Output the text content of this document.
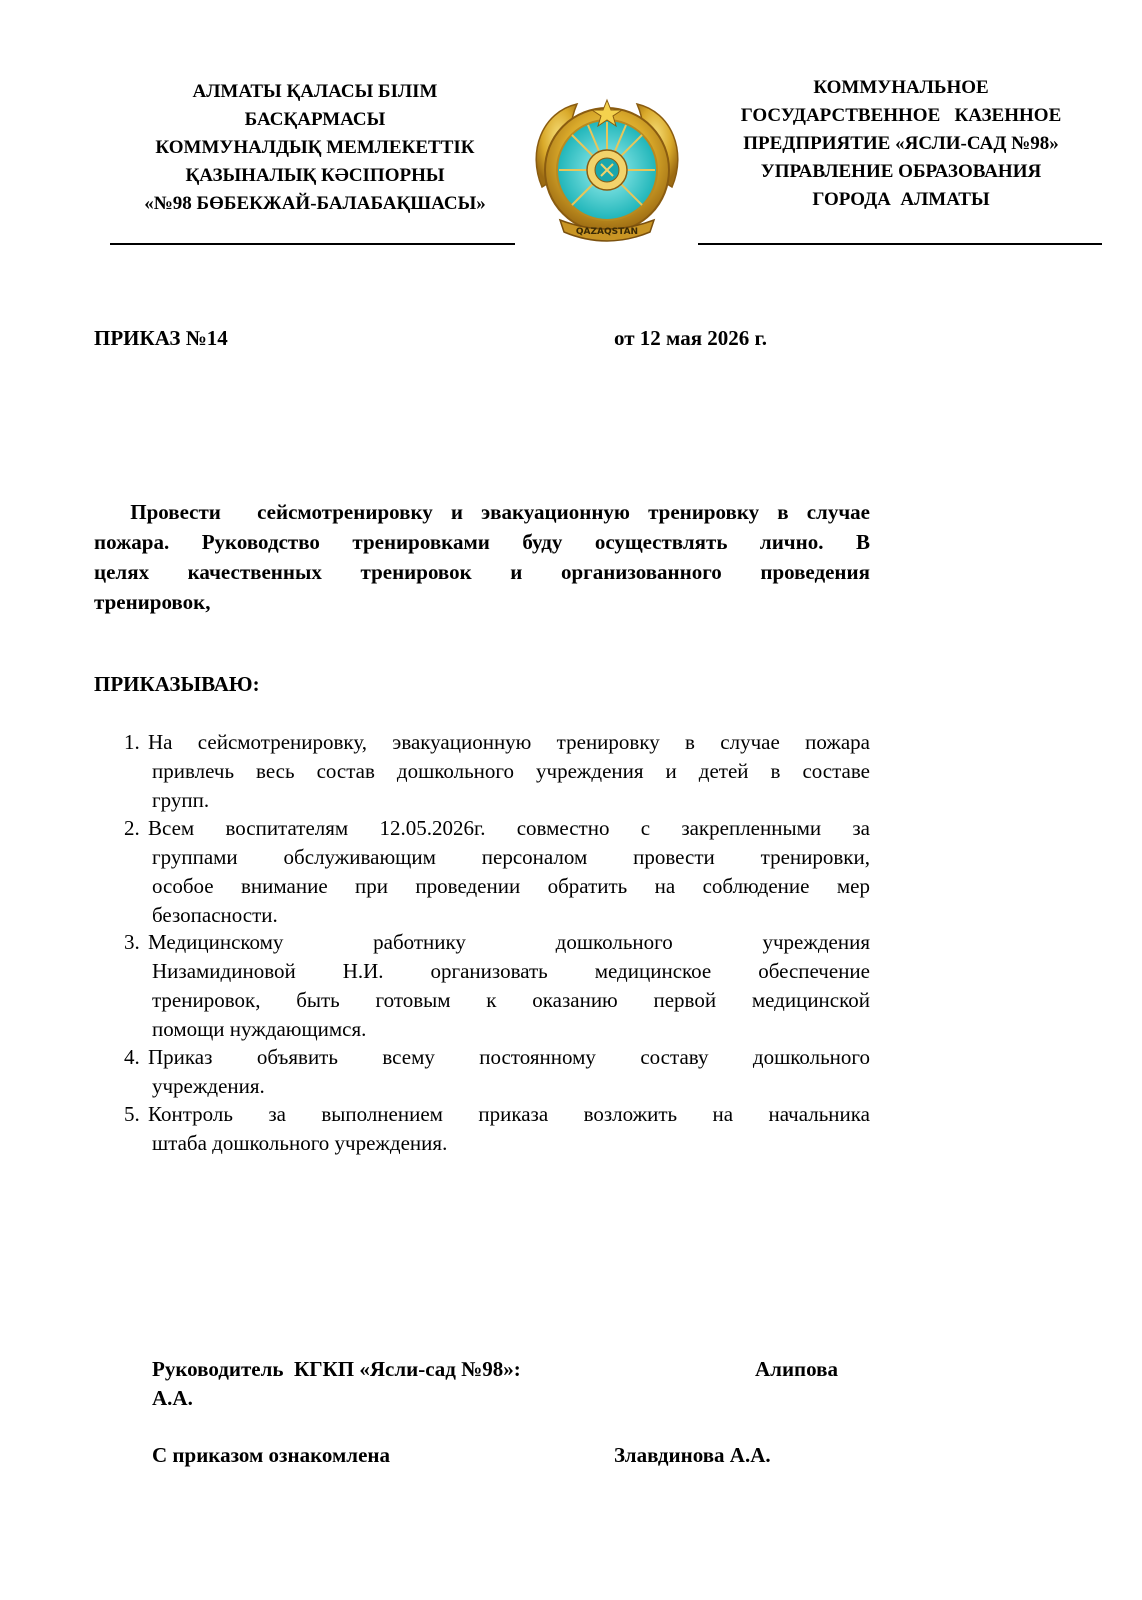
АЛМАТЫ ҚАЛАСЫ БІЛІМ
БАСҚАРМАСЫ
КОММУНАЛДЫҚ МЕМЛЕКЕТТІК
ҚАЗЫНАЛЫҚ КӘСІПОРНЫ
«№98 БӨБЕКЖАЙ-БАЛАБАҚШАСЫ»
QAZAQSTAN
КОММУНАЛЬНОЕ
ГОСУДАРСТВЕННОЕ   КАЗЕННОЕ
ПРЕДПРИЯТИЕ «ЯСЛИ-САД №98»
УПРАВЛЕНИЕ ОБРАЗОВАНИЯ
ГОРОДА  АЛМАТЫ
ПРИКАЗ №14	от 12 мая 2026 г.
Провести  сейсмотренировку и эвакуационную тренировку в случае
пожара. Руководство тренировками буду осуществлять лично. В
целях качественных тренировок и организованного проведения
тренировок,
ПРИКАЗЫВАЮ:
1. На сейсмотренировку, эвакуационную тренировку в случае пожара
привлечь весь состав дошкольного учреждения и детей в составе
групп.
2. Всем воспитателям 12.05.2026г. совместно с закрепленными за
группами обслуживающим персоналом провести тренировки,
особое внимание при проведении обратить на соблюдение мер
безопасности.
3. Медицинскому работнику дошкольного учреждения
Низамидиновой Н.И. организовать медицинское обеспечение
тренировок, быть готовым к оказанию первой медицинской
помощи нуждающимся.
4. Приказ объявить всему постоянному составу дошкольного
учреждения.
5. Контроль за выполнением приказа возложить на начальника
штаба дошкольного учреждения.
Руководитель  КГКП «Ясли-сад №98»:	Алипова
А.А.
С приказом ознакомлена	Злавдинова А.А.
